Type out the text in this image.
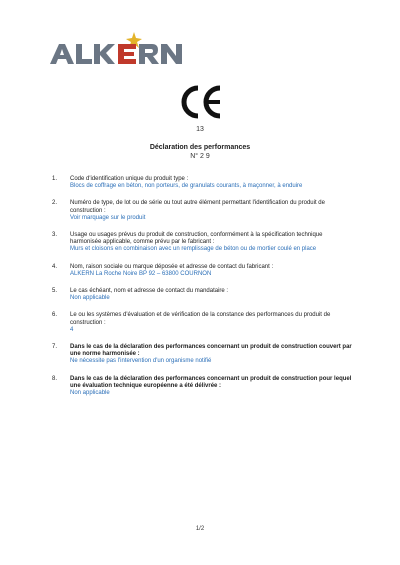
13
Déclaration des performances
N° 2 9
1.	Code d'identification unique du produit type :
Blocs de coffrage en béton, non porteurs, de granulats courants, à maçonner, à enduire
2.	Numéro de type, de lot ou de série ou tout autre élément permettant l'identification du produit de construction :
Voir marquage sur le produit
3.	Usage ou usages prévus du produit de construction, conformément à la spécification technique harmonisée applicable, comme prévu par le fabricant :
Murs et cloisons en combinaison avec un remplissage de béton ou de mortier coulé en place
4.	Nom, raison sociale ou marque déposée et adresse de contact du fabricant :
ALKERN La Roche Noire BP 92 – 63800 COURNON
5.	Le cas échéant, nom et adresse de contact du mandataire :
Non applicable
6.	Le ou les systèmes d'évaluation et de vérification de la constance des performances du produit de construction :
4
7.	Dans le cas de la déclaration des performances concernant un produit de construction couvert par une norme harmonisée :
Ne nécessite pas l'intervention d'un organisme notifié
8.	Dans le cas de la déclaration des performances concernant un produit de construction pour lequel une évaluation technique européenne a été délivrée :
Non applicable
1/2
